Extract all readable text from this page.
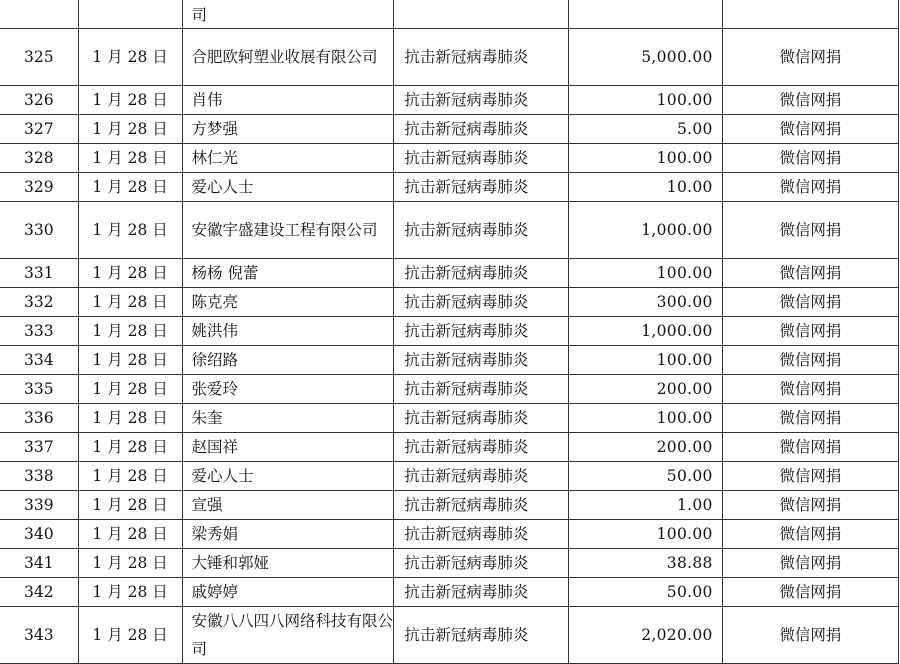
		司			
325	1 月 28 日	合肥欧轲塑业收展有限公司	抗击新冠病毒肺炎	5,000.00	微信网捐
326	1 月 28 日	肖伟	抗击新冠病毒肺炎	100.00	微信网捐
327	1 月 28 日	方梦强	抗击新冠病毒肺炎	5.00	微信网捐
328	1 月 28 日	林仁光	抗击新冠病毒肺炎	100.00	微信网捐
329	1 月 28 日	爱心人士	抗击新冠病毒肺炎	10.00	微信网捐
330	1 月 28 日	安徽宇盛建设工程有限公司	抗击新冠病毒肺炎	1,000.00	微信网捐
331	1 月 28 日	杨杨 倪蕾	抗击新冠病毒肺炎	100.00	微信网捐
332	1 月 28 日	陈克亮	抗击新冠病毒肺炎	300.00	微信网捐
333	1 月 28 日	姚洪伟	抗击新冠病毒肺炎	1,000.00	微信网捐
334	1 月 28 日	徐绍路	抗击新冠病毒肺炎	100.00	微信网捐
335	1 月 28 日	张爱玲	抗击新冠病毒肺炎	200.00	微信网捐
336	1 月 28 日	朱奎	抗击新冠病毒肺炎	100.00	微信网捐
337	1 月 28 日	赵国祥	抗击新冠病毒肺炎	200.00	微信网捐
338	1 月 28 日	爱心人士	抗击新冠病毒肺炎	50.00	微信网捐
339	1 月 28 日	宣强	抗击新冠病毒肺炎	1.00	微信网捐
340	1 月 28 日	梁秀娟	抗击新冠病毒肺炎	100.00	微信网捐
341	1 月 28 日	大锤和郭娅	抗击新冠病毒肺炎	38.88	微信网捐
342	1 月 28 日	戚婷婷	抗击新冠病毒肺炎	50.00	微信网捐
343	1 月 28 日	安徽八八四八网络科技有限公司	抗击新冠病毒肺炎	2,020.00	微信网捐
